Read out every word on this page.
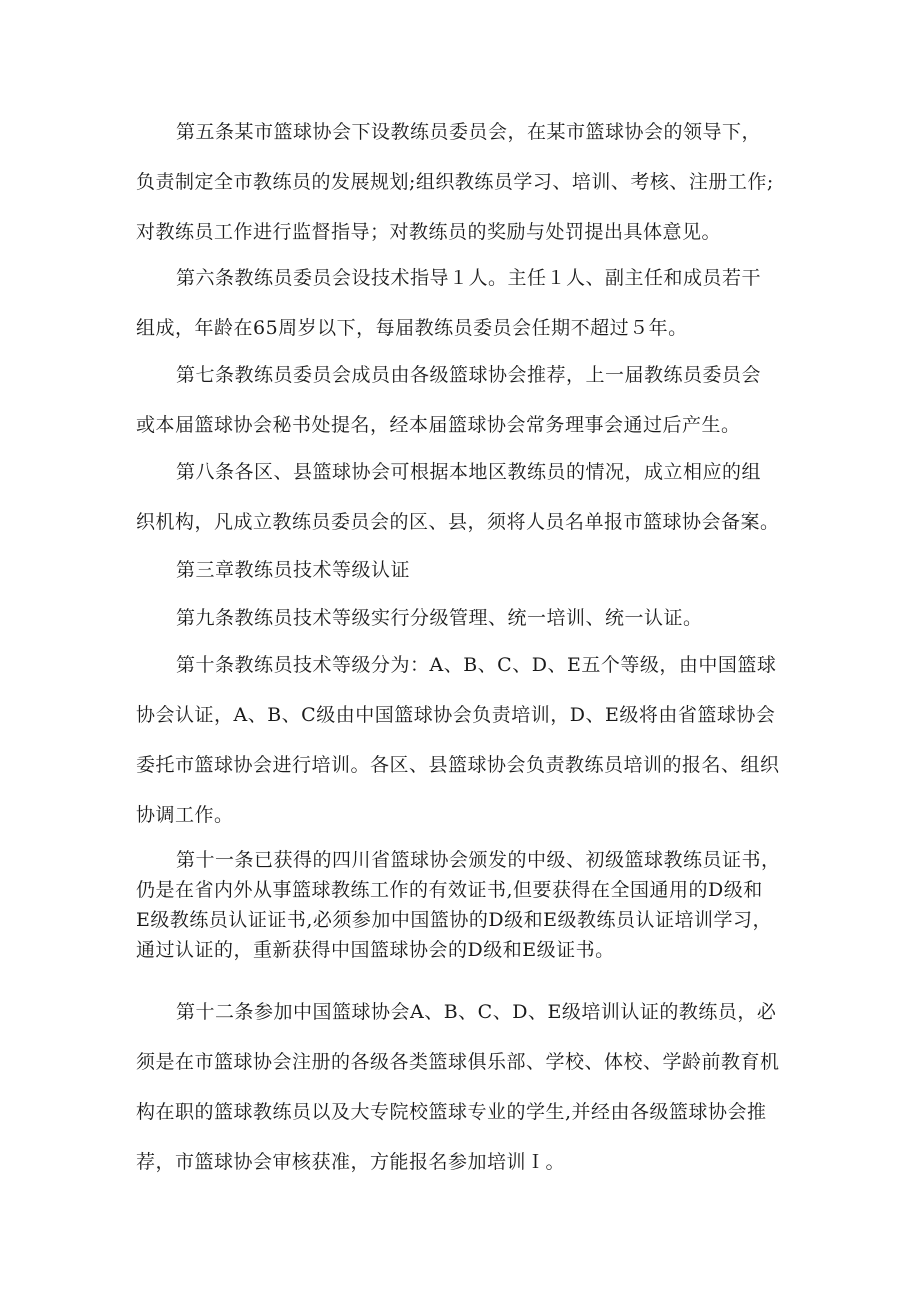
第五条某市篮球协会下设教练员委员会，在某市篮球协会的领导下，

负责制定全市教练员的发展规划;组织教练员学习、培训、考核、注册工作;

对教练员工作进行监督指导；对教练员的奖励与处罚提出具体意见。

第六条教练员委员会设技术指导１人。主任１人、副主任和成员若干

组成，年龄在65周岁以下，每届教练员委员会任期不超过５年。

第七条教练员委员会成员由各级篮球协会推荐，上一届教练员委员会

或本届篮球协会秘书处提名，经本届篮球协会常务理事会通过后产生。

第八条各区、县篮球协会可根据本地区教练员的情况，成立相应的组

织机构，凡成立教练员委员会的区、县，须将人员名单报市篮球协会备案。

第三章教练员技术等级认证

第九条教练员技术等级实行分级管理、统一培训、统一认证。

第十条教练员技术等级分为：A、B、C、D、E五个等级，由中国篮球

协会认证，A、B、C级由中国篮球协会负责培训，D、E级将由省篮球协会

委托市篮球协会进行培训。各区、县篮球协会负责教练员培训的报名、组织

协调工作。

第十一条已获得的四川省篮球协会颁发的中级、初级篮球教练员证书，

仍是在省内外从事篮球教练工作的有效证书,但要获得在全国通用的D级和

E级教练员认证证书,必须参加中国篮协的D级和E级教练员认证培训学习，

通过认证的，重新获得中国篮球协会的D级和E级证书。

第十二条参加中国篮球协会A、B、C、D、E级培训认证的教练员，必

须是在市篮球协会注册的各级各类篮球俱乐部、学校、体校、学龄前教育机

构在职的篮球教练员以及大专院校篮球专业的学生,并经由各级篮球协会推

荐，市篮球协会审核获准，方能报名参加培训Ｉ。
